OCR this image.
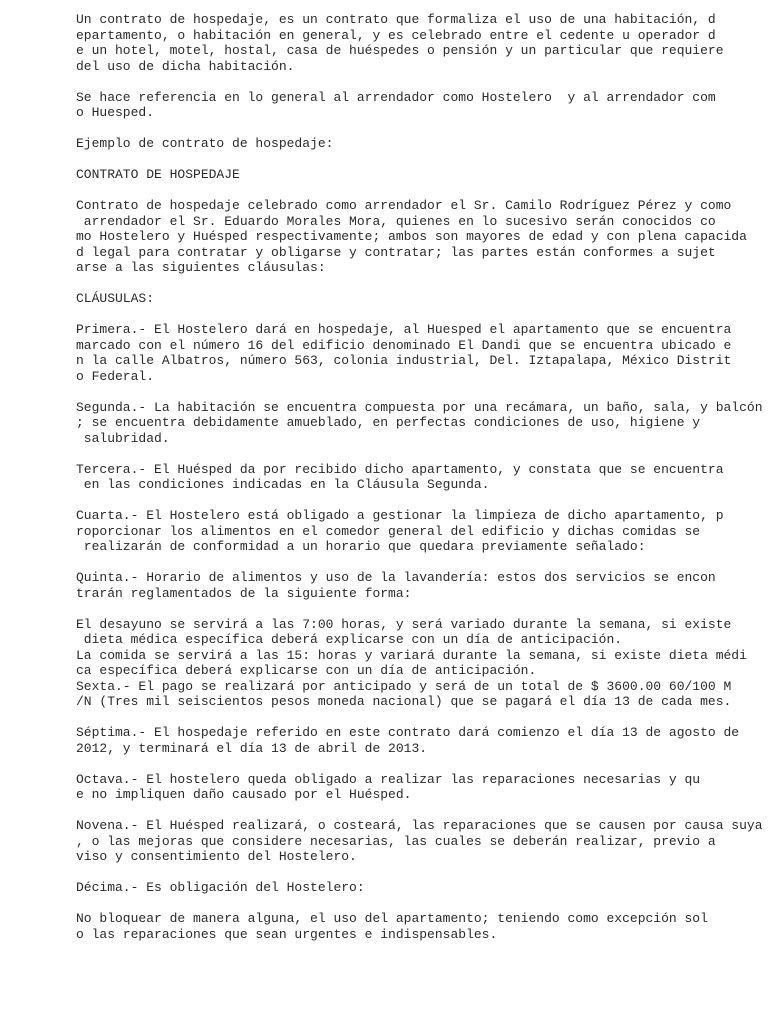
Un contrato de hospedaje, es un contrato que formaliza el uso de una habitación, d
epartamento, o habitación en general, y es celebrado entre el cedente u operador d
e un hotel, motel, hostal, casa de huéspedes o pensión y un particular que requiere
del uso de dicha habitación.
Se hace referencia en lo general al arrendador como Hostelero  y al arrendador com
o Huesped.
Ejemplo de contrato de hospedaje:
CONTRATO DE HOSPEDAJE
Contrato de hospedaje celebrado como arrendador el Sr. Camilo Rodríguez Pérez y como
arrendador el Sr. Eduardo Morales Mora, quienes en lo sucesivo serán conocidos co
mo Hostelero y Huésped respectivamente; ambos son mayores de edad y con plena capacida
d legal para contratar y obligarse y contratar; las partes están conformes a sujet
arse a las siguientes cláusulas:
CLÁUSULAS:
Primera.- El Hostelero dará en hospedaje, al Huesped el apartamento que se encuentra
marcado con el número 16 del edificio denominado El Dandi que se encuentra ubicado e
n la calle Albatros, número 563, colonia industrial, Del. Iztapalapa, México Distrit
o Federal.
Segunda.- La habitación se encuentra compuesta por una recámara, un baño, sala, y balcón
; se encuentra debidamente amueblado, en perfectas condiciones de uso, higiene y
salubridad.
Tercera.- El Huésped da por recibido dicho apartamento, y constata que se encuentra
en las condiciones indicadas en la Cláusula Segunda.
Cuarta.- El Hostelero está obligado a gestionar la limpieza de dicho apartamento, p
roporcionar los alimentos en el comedor general del edificio y dichas comidas se
realizarán de conformidad a un horario que quedara previamente señalado:
Quinta.- Horario de alimentos y uso de la lavandería: estos dos servicios se encon
trarán reglamentados de la siguiente forma:
El desayuno se servirá a las 7:00 horas, y será variado durante la semana, si existe
dieta médica específica deberá explicarse con un día de anticipación.
La comida se servirá a las 15: horas y variará durante la semana, si existe dieta médi
ca específica deberá explicarse con un día de anticipación.
Sexta.- El pago se realizará por anticipado y será de un total de $ 3600.00 60/100 M
/N (Tres mil seiscientos pesos moneda nacional) que se pagará el día 13 de cada mes.
Séptima.- El hospedaje referido en este contrato dará comienzo el día 13 de agosto de
2012, y terminará el día 13 de abril de 2013.
Octava.- El hostelero queda obligado a realizar las reparaciones necesarias y qu
e no impliquen daño causado por el Huésped.
Novena.- El Huésped realizará, o costeará, las reparaciones que se causen por causa suya
, o las mejoras que considere necesarias, las cuales se deberán realizar, previo a
viso y consentimiento del Hostelero.
Décima.- Es obligación del Hostelero:
No bloquear de manera alguna, el uso del apartamento; teniendo como excepción sol
o las reparaciones que sean urgentes e indispensables.
